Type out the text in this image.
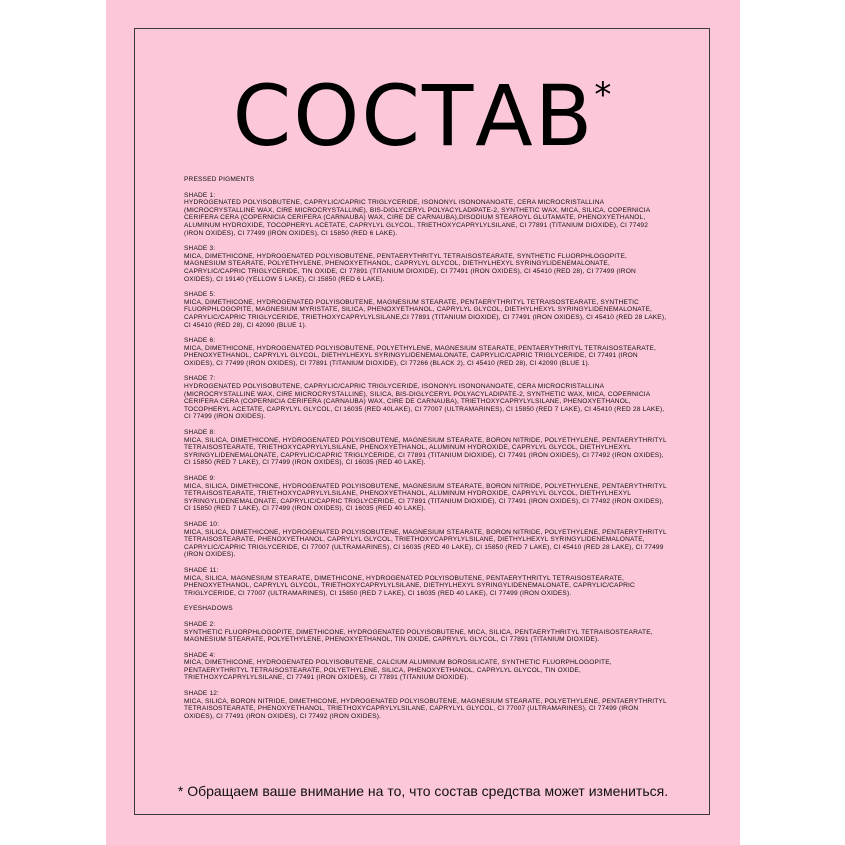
СОСТАВ*
PRESSED PIGMENTS
SHADE 1:
HYDROGENATED POLYISOBUTENE, CAPRYLIC/CAPRIC TRIGLYCERIDE, ISONONYL ISONONANOATE, CERA MICROCRISTALLINA (MICROCRYSTALLINE WAX, CIRE MICROCRYSTALLINE), BIS-DIGLYCERYL POLYACYLADIPATE-2, SYNTHETIC WAX, MICA, SILICA, COPERNICIA CERIFERA CERA (COPERNICIA CERIFERA (CARNAUBA) WAX, CIRE DE CARNAUBA),DISODIUM STEAROYL GLUTAMATE, PHENOXYETHANOL, ALUMINUM HYDROXIDE, TOCOPHERYL ACETATE, CAPRYLYL GLYCOL, TRIETHOXYCAPRYLYLSILANE, CI 77891 (TITANIUM DIOXIDE), CI 77492 (IRON OXIDES), CI 77499 (IRON OXIDES), CI 15850 (RED 6 LAKE).
SHADE 3:
MICA, DIMETHICONE, HYDROGENATED POLYISOBUTENE, PENTAERYTHRITYL TETRAISOSTEARATE, SYNTHETIC FLUORPHLOGOPITE, MAGNESIUM STEARATE, POLYETHYLENE, PHENOXYETHANOL, CAPRYLYL GLYCOL, DIETHYLHEXYL SYRINGYLIDENEMALONATE, CAPRYLIC/CAPRIC TRIGLYCERIDE, TIN OXIDE, CI 77891 (TITANIUM DIOXIDE), CI 77491 (IRON OXIDES), CI 45410 (RED 28), CI 77499 (IRON OXIDES), CI 19140 (YELLOW 5 LAKE), CI 15850 (RED 6 LAKE).
SHADE 5:
MICA, DIMETHICONE, HYDROGENATED POLYISOBUTENE, MAGNESIUM STEARATE, PENTAERYTHRITYL TETRAISOSTEARATE, SYNTHETIC FLUORPHLOGOPITE, MAGNESIUM MYRISTATE, SILICA, PHENOXYETHANOL, CAPRYLYL GLYCOL, DIETHYLHEXYL SYRINGYLIDENEMALONATE, CAPRYLIC/CAPRIC TRIGLYCERIDE, TRIETHOXYCAPRYLYLSILANE,CI 77891 (TITANIUM DIOXIDE), CI 77491 (IRON OXIDES), CI 45410 (RED 28 LAKE), CI 45410 (RED 28), CI 42090 (BLUE 1).
SHADE 6:
MICA, DIMETHICONE, HYDROGENATED POLYISOBUTENE, POLYETHYLENE, MAGNESIUM STEARATE, PENTAERYTHRITYL TETRAISOSTEARATE, PHENOXYETHANOL, CAPRYLYL GLYCOL, DIETHYLHEXYL SYRINGYLIDENEMALONATE, CAPRYLIC/CAPRIC TRIGLYCERIDE, CI 77491 (IRON OXIDES), CI 77499 (IRON OXIDES), CI 77891 (TITANIUM DIOXIDE), CI 77266 (BLACK 2), CI 45410 (RED 28), CI 42090 (BLUE 1).
SHADE 7:
HYDROGENATED POLYISOBUTENE, CAPRYLIC/CAPRIC TRIGLYCERIDE, ISONONYL ISONONANOATE, CERA MICROCRISTALLINA (MICROCRYSTALLINE WAX, CIRE MICROCRYSTALLINE), SILICA, BIS-DIGLYCERYL POLYACYLADIPATE-2, SYNTHETIC WAX, MICA, COPERNICIA CERIFERA CERA (COPERNICIA CERIFERA (CARNAUBA) WAX, CIRE DE CARNAUBA), TRIETHOXYCAPRYLYLSILANE, PHENOXYETHANOL, TOCOPHERYL ACETATE, CAPRYLYL GLYCOL, CI 16035 (RED 40LAKE), CI 77007 (ULTRAMARINES), CI 15850 (RED 7 LAKE), CI 45410 (RED 28 LAKE), CI 77499 (IRON OXIDES).
SHADE 8:
MICA, SILICA, DIMETHICONE, HYDROGENATED POLYISOBUTENE, MAGNESIUM STEARATE, BORON NITRIDE, POLYETHYLENE, PENTAERYTHRITYL TETRAISOSTEARATE, TRIETHOXYCAPRYLYLSILANE, PHENOXYETHANOL, ALUMINUM HYDROXIDE, CAPRYLYL GLYCOL, DIETHYLHEXYL SYRINGYLIDENEMALONATE, CAPRYLIC/CAPRIC TRIGLYCERIDE, CI 77891 (TITANIUM DIOXIDE), CI 77491 (IRON OXIDES), CI 77492 (IRON OXIDES), CI 15850 (RED 7 LAKE), CI 77499 (IRON OXIDES), CI 16035 (RED 40 LAKE).
SHADE 9:
MICA, SILICA, DIMETHICONE, HYDROGENATED POLYISOBUTENE, MAGNESIUM STEARATE, BORON NITRIDE, POLYETHYLENE, PENTAERYTHRITYL TETRAISOSTEARATE, TRIETHOXYCAPRYLYLSILANE, PHENOXYETHANOL, ALUMINUM HYDROXIDE, CAPRYLYL GLYCOL, DIETHYLHEXYL SYRINGYLIDENEMALONATE, CAPRYLIC/CAPRIC TRIGLYCERIDE, CI 77891 (TITANIUM DIOXIDE), CI 77491 (IRON OXIDES), CI 77492 (IRON OXIDES), CI 15850 (RED 7 LAKE), CI 77499 (IRON OXIDES), CI 16035 (RED 40 LAKE).
SHADE 10:
MICA, SILICA, DIMETHICONE, HYDROGENATED POLYISOBUTENE, MAGNESIUM STEARATE, BORON NITRIDE, POLYETHYLENE, PENTAERYTHRITYL TETRAISOSTEARATE, PHENOXYETHANOL, CAPRYLYL GLYCOL, TRIETHOXYCAPRYLYLSILANE, DIETHYLHEXYL SYRINGYLIDENEMALONATE, CAPRYLIC/CAPRIC TRIGLYCERIDE, CI 77007 (ULTRAMARINES), CI 16035 (RED 40 LAKE), CI 15850 (RED 7 LAKE), CI 45410 (RED 28 LAKE), CI 77499 (IRON OXIDES).
SHADE 11:
MICA, SILICA, MAGNESIUM STEARATE, DIMETHICONE, HYDROGENATED POLYISOBUTENE, PENTAERYTHRITYL TETRAISOSTEARATE, PHENOXYETHANOL, CAPRYLYL GLYCOL, TRIETHOXYCAPRYLYLSILANE, DIETHYLHEXYL SYRINGYLIDENEMALONATE, CAPRYLIC/CAPRIC TRIGLYCERIDE, CI 77007 (ULTRAMARINES), CI 15850 (RED 7 LAKE), CI 16035 (RED 40 LAKE), CI 77499 (IRON OXIDES).
EYESHADOWS
SHADE 2:
SYNTHETIC FLUORPHLOGOPITE, DIMETHICONE, HYDROGENATED POLYISOBUTENE, MICA, SILICA, PENTAERYTHRITYL TETRAISOSTEARATE, MAGNESIUM STEARATE, POLYETHYLENE, PHENOXYETHANOL, TIN OXIDE, CAPRYLYL GLYCOL, CI 77891 (TITANIUM DIOXIDE).
SHADE 4:
MICA, DIMETHICONE, HYDROGENATED POLYISOBUTENE, CALCIUM ALUMINUM BOROSILICATE, SYNTHETIC FLUORPHLOGOPITE, PENTAERYTHRITYL TETRAISOSTEARATE, POLYETHYLENE, SILICA, PHENOXYETHANOL, CAPRYLYL GLYCOL, TIN OXIDE, TRIETHOXYCAPRYLYLSILANE, CI 77491 (IRON OXIDES), CI 77891 (TITANIUM DIOXIDE).
SHADE 12:
MICA, SILICA, BORON NITRIDE, DIMETHICONE, HYDROGENATED POLYISOBUTENE, MAGNESIUM STEARATE, POLYETHYLENE, PENTAERYTHRITYL TETRAISOSTEARATE, PHENOXYETHANOL, TRIETHOXYCAPRYLYLSILANE, CAPRYLYL GLYCOL, CI 77007 (ULTRAMARINES), CI 77499 (IRON OXIDES), CI 77491 (IRON OXIDES), CI 77492 (IRON OXIDES).
* Обращаем ваше внимание на то, что состав средства может измениться.
